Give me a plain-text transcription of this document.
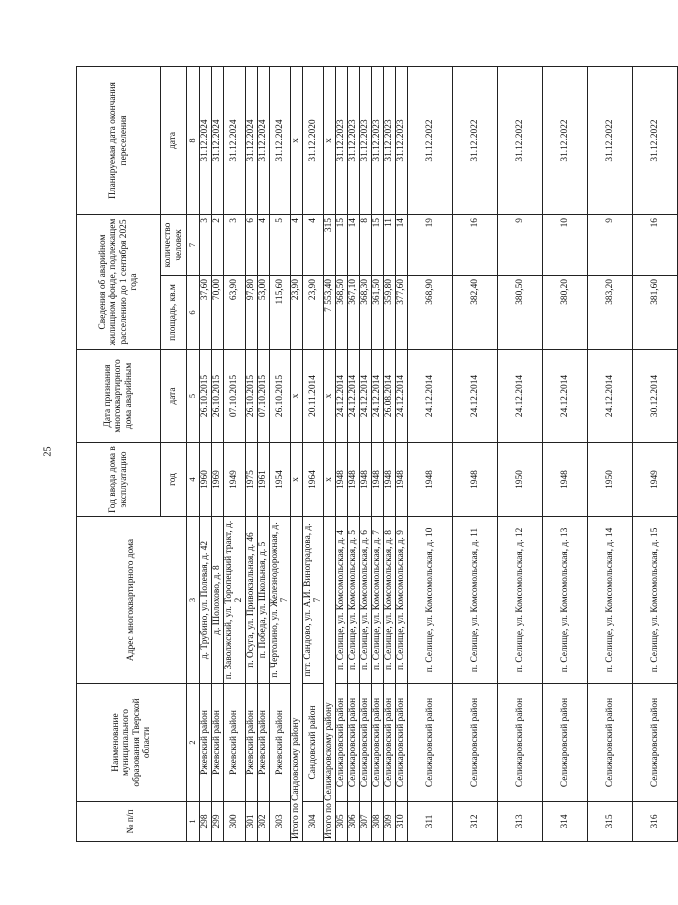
25
№ п/п	Наименование муниципального образования Тверской области	Адрес многоквартирного дома	Год ввода дома в эксплуатацию	Дата признания многоквартирного дома аварийным	Сведения об аварийном жилищном фонде, подлежащем расселению до 1 сентября 2025 года		Планируемая дата окончания переселения
			год	дата	площадь, кв.м	количество человек	дата
1	2	3	4	5	6	7	8
298	Ржевский район	д. Трубино, ул. Полевая, д. 42	1960	26.10.2015	37,60	3	31.12.2024
299	Ржевский район	д. Шолохово, д. 8	1969	26.10.2015	70,00	2	31.12.2024
300	Ржевский район	п. Заволжский, ул. Торопецкий тракт, д. 2	1949	07.10.2015	63,90	3	31.12.2024
301	Ржевский район	п. Осуга, ул. Привокзальная, д. 46	1975	26.10.2015	97,80	6	31.12.2024
302	Ржевский район	п. Победа, ул. Школьная, д. 5	1961	07.10.2015	53,00	4	31.12.2024
303	Ржевский район	п. Чертолино, ул. Железнодорожная, д. 7	1954	26.10.2015	115,60	5	31.12.2024
Итого по Сандовскому району			х	х	23,90	4	х
304	Сандовский район	пгт. Сандово, ул. А.И. Виноградова, д. 7	1964	20.11.2014	23,90	4	31.12.2020
Итого по Селижаровскому району			х	х	7 553,40	315	х
305	Селижаровский район	п. Селище, ул. Комсомольская, д. 4	1948	24.12.2014	368,50	15	31.12.2023
306	Селижаровский район	п. Селище, ул. Комсомольская, д. 5	1948	24.12.2014	367,10	14	31.12.2023
307	Селижаровский район	п. Селище, ул. Комсомольская, д. 6	1948	24.12.2014	368,30	8	31.12.2023
308	Селижаровский район	п. Селище, ул. Комсомольская, д. 7	1948	24.12.2014	361,50	15	31.12.2023
309	Селижаровский район	п. Селище, ул. Комсомольская, д. 8	1948	26.08.2014	359,80	11	31.12.2023
310	Селижаровский район	п. Селище, ул. Комсомольская, д. 9	1948	24.12.2014	377,60	14	31.12.2023
311	Селижаровский район	п. Селище, ул. Комсомольская, д. 10	1948	24.12.2014	368,90	19	31.12.2022
312	Селижаровский район	п. Селище, ул. Комсомольская, д. 11	1948	24.12.2014	382,40	16	31.12.2022
313	Селижаровский район	п. Селище, ул. Комсомольская, д. 12	1950	24.12.2014	380,50	9	31.12.2022
314	Селижаровский район	п. Селище, ул. Комсомольская, д. 13	1948	24.12.2014	380,20	10	31.12.2022
315	Селижаровский район	п. Селище, ул. Комсомольская, д. 14	1950	24.12.2014	383,20	9	31.12.2022
316	Селижаровский район	п. Селище, ул. Комсомольская, д. 15	1949	30.12.2014	381,60	16	31.12.2022
